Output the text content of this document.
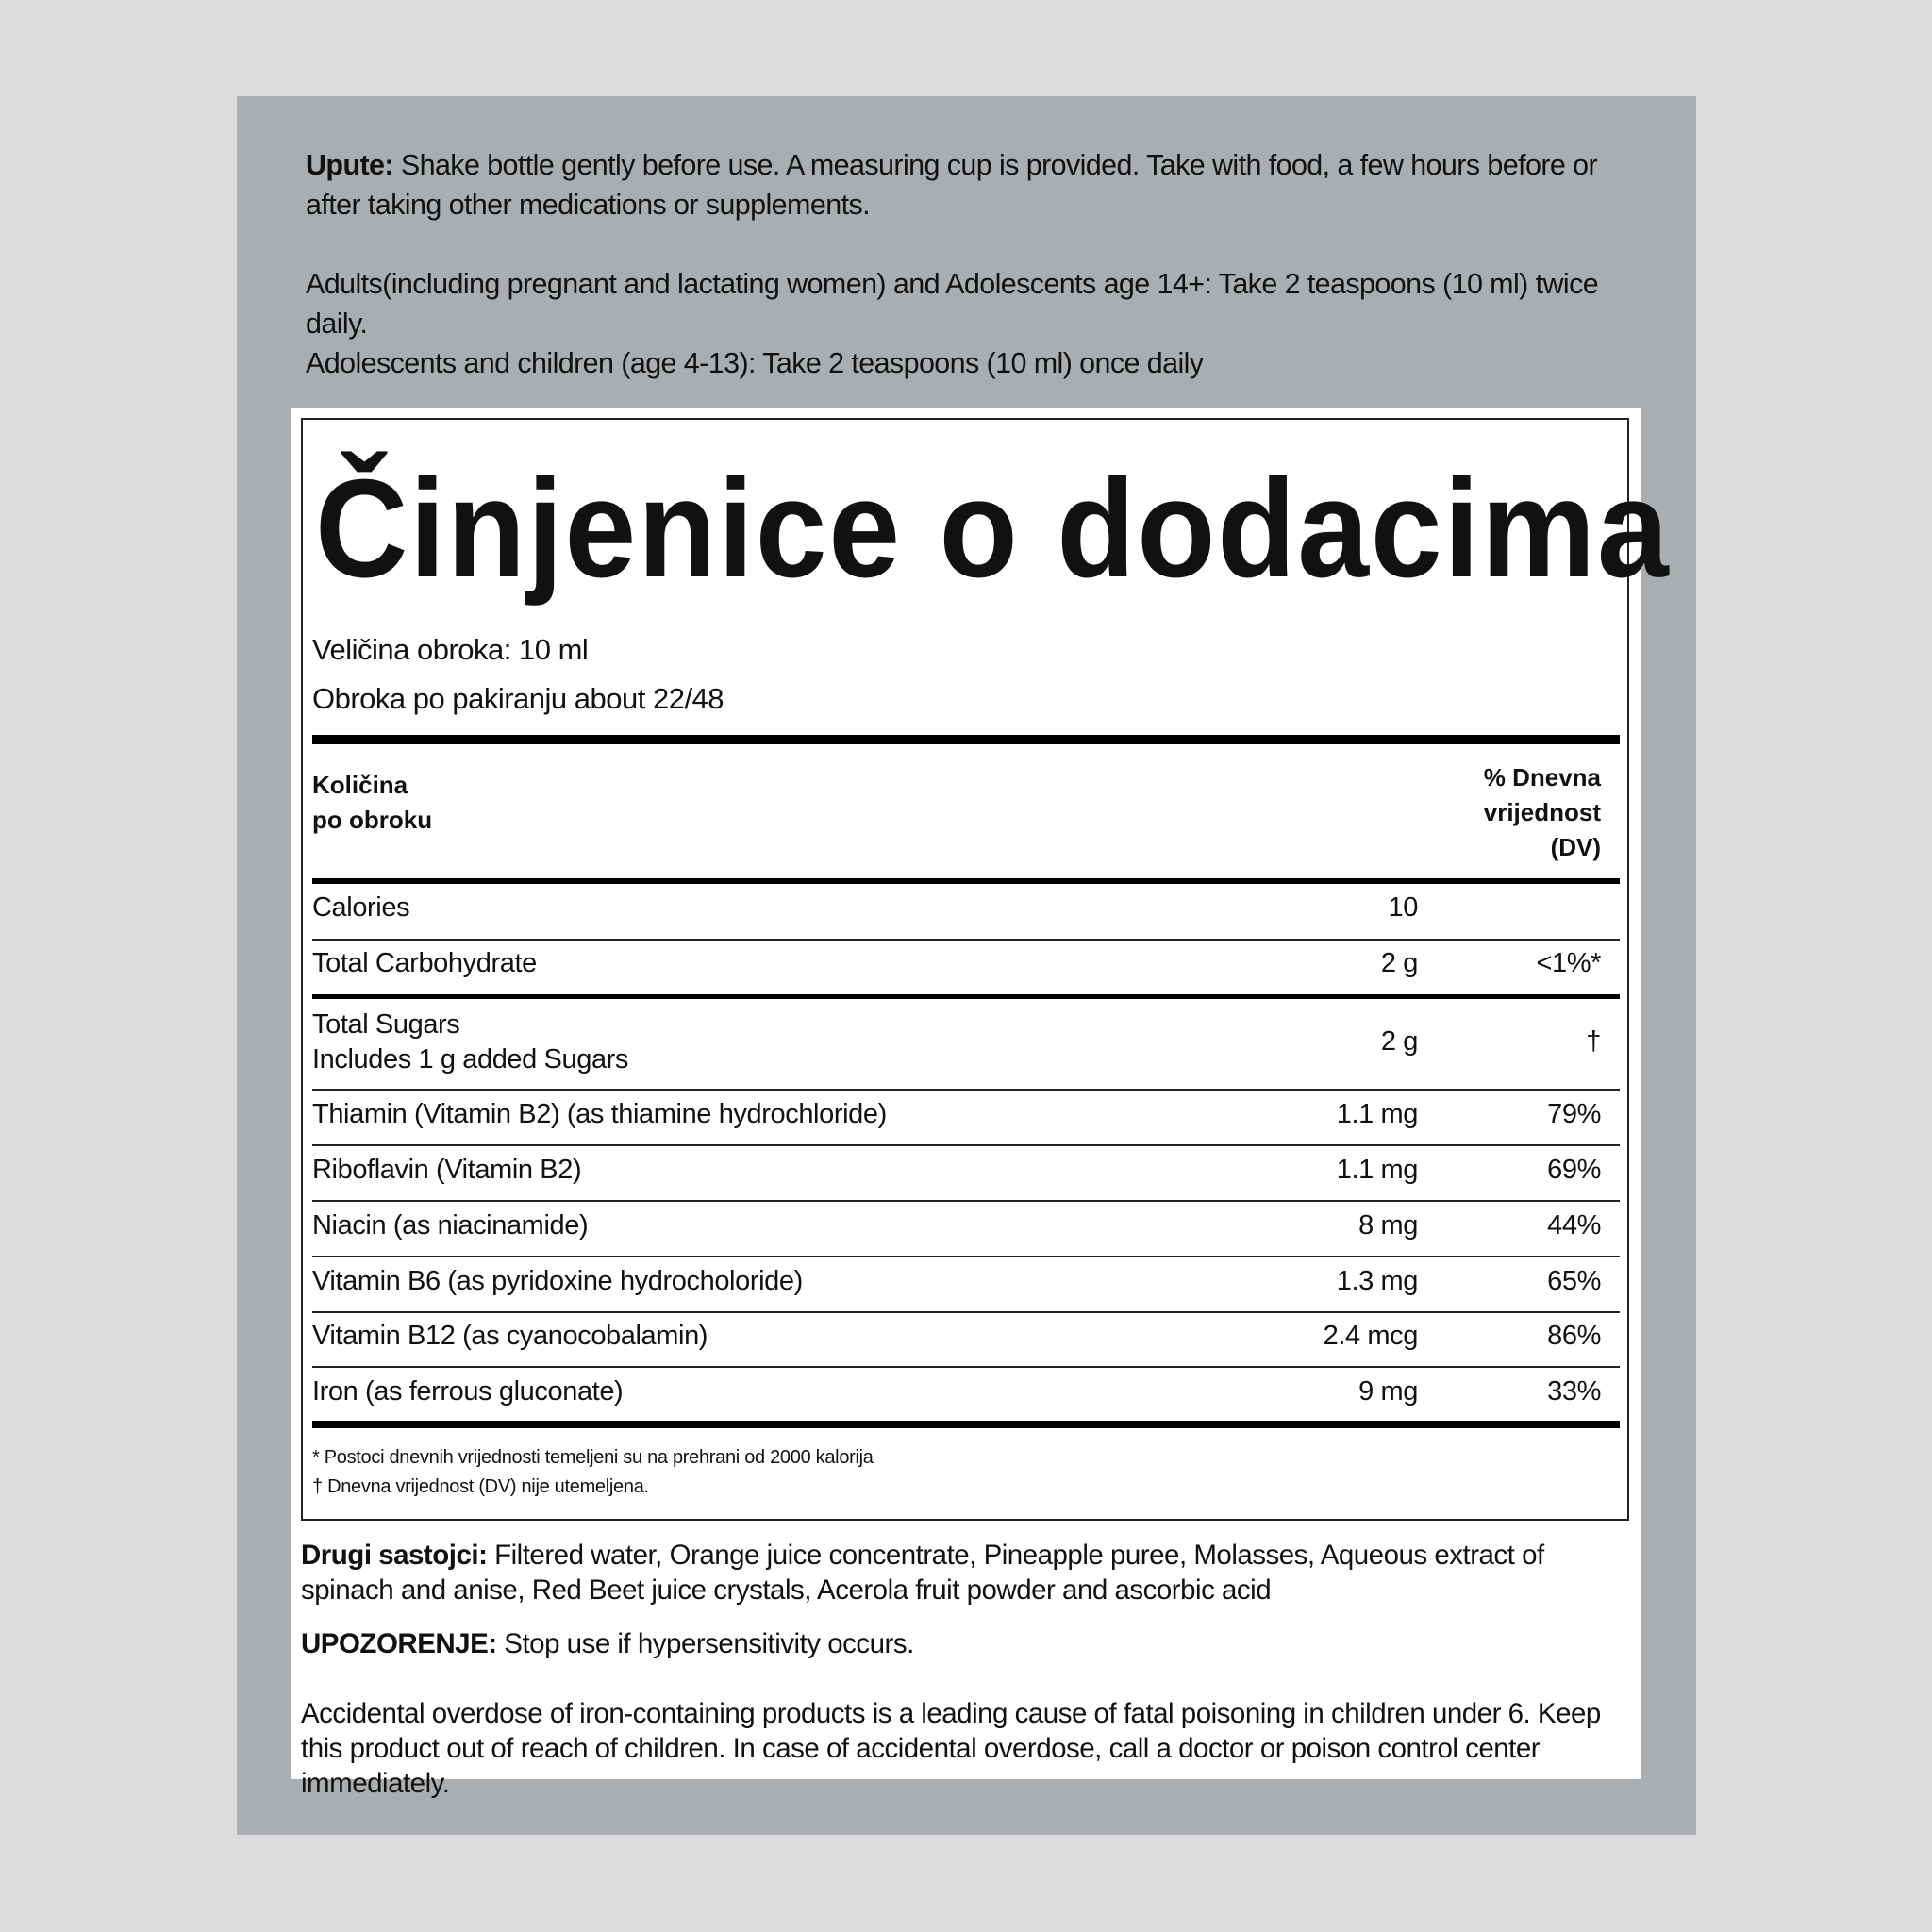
Upute: Shake bottle gently before use. A measuring cup is provided. Take with food, a few hours before or after taking other medications or supplements.

Adults(including pregnant and lactating women) and Adolescents age 14+: Take 2 teaspoons (10 ml) twice daily.

Adolescents and children (age 4-13): Take 2 teaspoons (10 ml) once daily

Činjenice o dodacima
Veličina obroka: 10 ml
Obroka po pakiranju about 22/48
Količina
po obroku
% Dnevna
vrijednost
(DV)
Calories	10
Total Carbohydrate	2 g	<1%*
Total Sugars
Includes 1 g added Sugars
2 g	†
Thiamin (Vitamin B2) (as thiamine hydrochloride)	1.1 mg	79%
Riboflavin (Vitamin B2)	1.1 mg	69%
Niacin (as niacinamide)	8 mg	44%
Vitamin B6 (as pyridoxine hydrocholoride)	1.3 mg	65%
Vitamin B12 (as cyanocobalamin)	2.4 mcg	86%
Iron (as ferrous gluconate)	9 mg	33%
* Postoci dnevnih vrijednosti temeljeni su na prehrani od 2000 kalorija
† Dnevna vrijednost (DV) nije utemeljena.

Drugi sastojci: Filtered water, Orange juice concentrate, Pineapple puree, Molasses, Aqueous extract of spinach and anise, Red Beet juice crystals, Acerola fruit powder and ascorbic acid

UPOZORENJE: Stop use if hypersensitivity occurs.

Accidental overdose of iron-containing products is a leading cause of fatal poisoning in children under 6. Keep this product out of reach of children. In case of accidental overdose, call a doctor or poison control center immediately.
